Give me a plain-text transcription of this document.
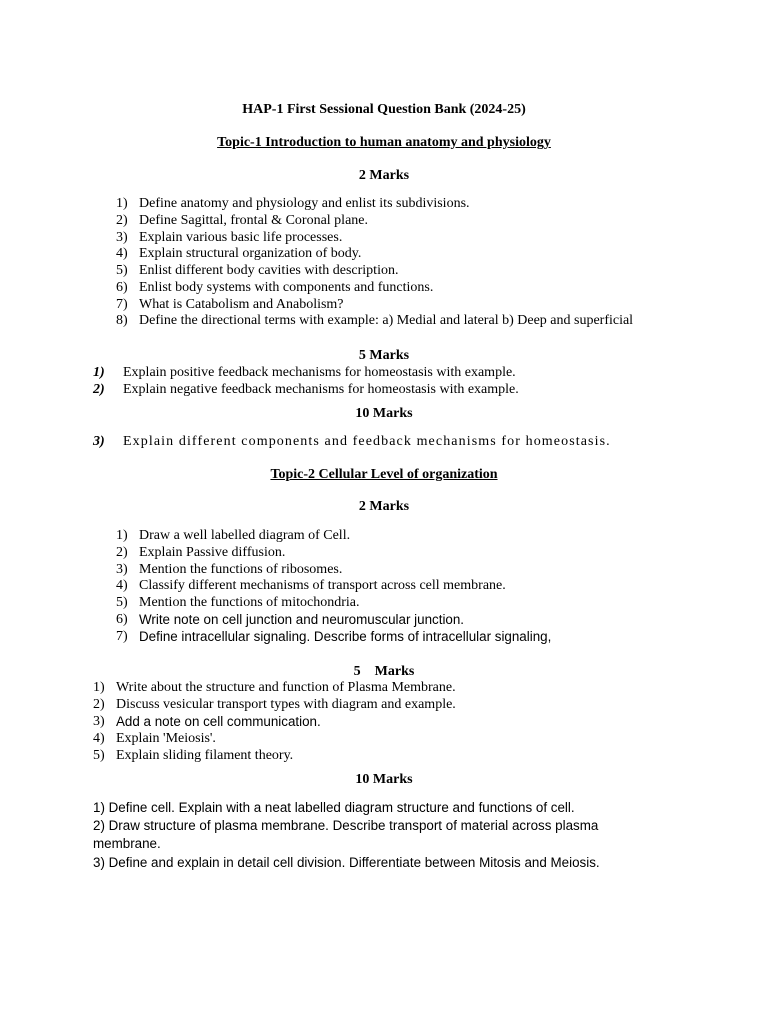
HAP-1 First Sessional Question Bank (2024-25)
Topic-1 Introduction to human anatomy and physiology
2 Marks
1) Define anatomy and physiology and enlist its subdivisions.
2) Define Sagittal, frontal & Coronal plane.
3) Explain various basic life processes.
4) Explain structural organization of body.
5) Enlist different body cavities with description.
6) Enlist body systems with components and functions.
7) What is Catabolism and Anabolism?
8) Define the directional terms with example: a) Medial and lateral b) Deep and superficial
5 Marks
1) Explain positive feedback mechanisms for homeostasis with example.
2) Explain negative feedback mechanisms for homeostasis with example.
10 Marks
3) Explain different components and feedback mechanisms for homeostasis.
Topic-2 Cellular Level of organization
2 Marks
1) Draw a well labelled diagram of Cell.
2) Explain Passive diffusion.
3) Mention the functions of ribosomes.
4) Classify different mechanisms of transport across cell membrane.
5) Mention the functions of mitochondria.
6) Write note on cell junction and neuromuscular junction.
7) Define intracellular signaling. Describe forms of intracellular signaling,
5    Marks
1) Write about the structure and function of Plasma Membrane.
2) Discuss vesicular transport types with diagram and example.
3) Add a note on cell communication.
4) Explain 'Meiosis'.
5) Explain sliding filament theory.
10 Marks
1) Define cell. Explain with a neat labelled diagram structure and functions of cell.
2) Draw structure of plasma membrane. Describe transport of material across plasma
membrane.
3) Define and explain in detail cell division. Differentiate between Mitosis and Meiosis.
